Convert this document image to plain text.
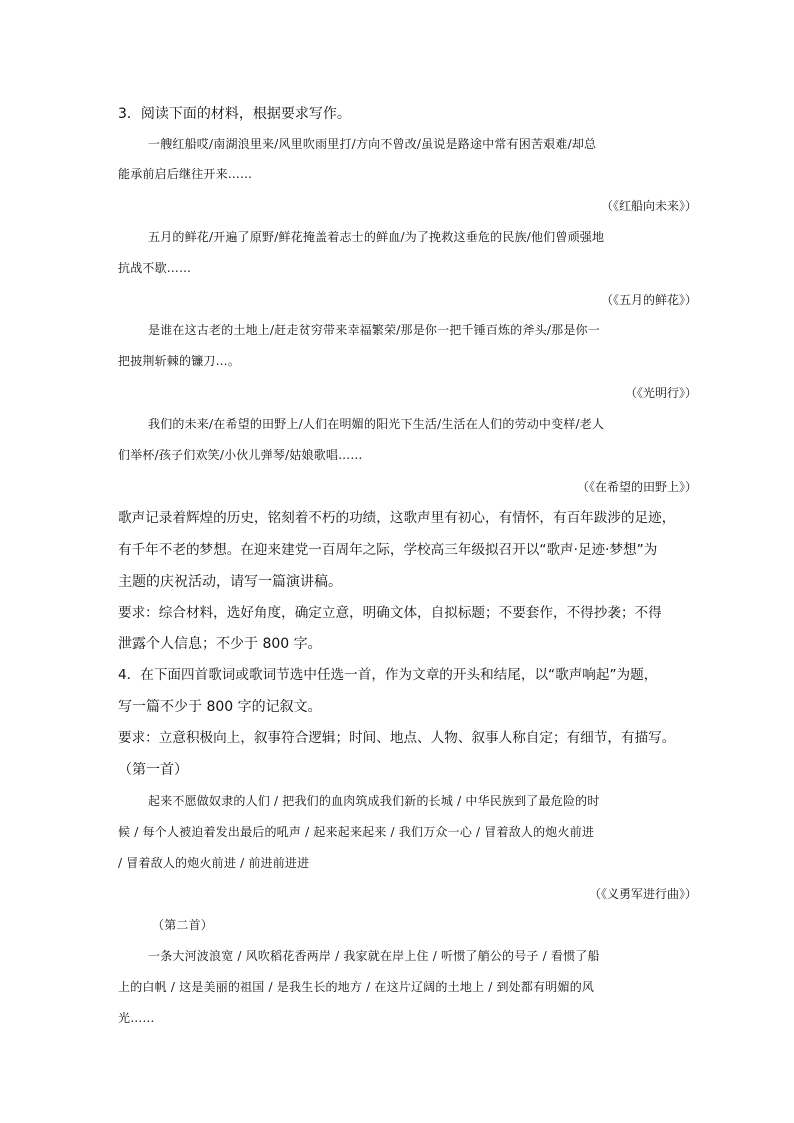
3．阅读下面的材料，根据要求写作。
一艘红船哎/南湖浪里来/风里吹雨里打/方向不曾改/虽说是路途中常有困苦艰难/却总
能承前启后继往开来……
（《红船向未来》）
五月的鲜花/开遍了原野/鲜花掩盖着志士的鲜血/为了挽救这垂危的民族/他们曾顽强地
抗战不歇……
（《五月的鲜花》）
是谁在这古老的土地上/赶走贫穷带来幸福繁荣/那是你一把千锤百炼的斧头/那是你一
把披荆斩棘的镰刀…。
（《光明行》）
我们的未来/在希望的田野上/人们在明媚的阳光下生活/生活在人们的劳动中变样/老人
们举杯/孩子们欢笑/小伙儿弹琴/姑娘歌唱……
（《在希望的田野上》）
歌声记录着辉煌的历史，铭刻着不朽的功绩，这歌声里有初心，有情怀，有百年跋涉的足迹，
有千年不老的梦想。在迎来建党一百周年之际，学校高三年级拟召开以“歌声·足迹·梦想”为
主题的庆祝活动，请写一篇演讲稿。
要求：综合材料，选好角度，确定立意，明确文体，自拟标题；不要套作，不得抄袭；不得
泄露个人信息；不少于 800 字。
4．在下面四首歌词或歌词节选中任选一首，作为文章的开头和结尾，以“歌声响起”为题，
写一篇不少于 800 字的记叙文。
要求：立意积极向上，叙事符合逻辑；时间、地点、人物、叙事人称自定；有细节，有描写。
（第一首）
起来不愿做奴隶的人们 / 把我们的血肉筑成我们新的长城 / 中华民族到了最危险的时
候 / 每个人被迫着发出最后的吼声 / 起来起来起来 / 我们万众一心 / 冒着敌人的炮火前进
/ 冒着敌人的炮火前进 / 前进前进进
（《义勇军进行曲》）
（第二首）
一条大河波浪宽 / 风吹稻花香两岸 / 我家就在岸上住 / 听惯了艄公的号子 / 看惯了船
上的白帆 / 这是美丽的祖国 / 是我生长的地方 / 在这片辽阔的土地上 / 到处都有明媚的风
光……
